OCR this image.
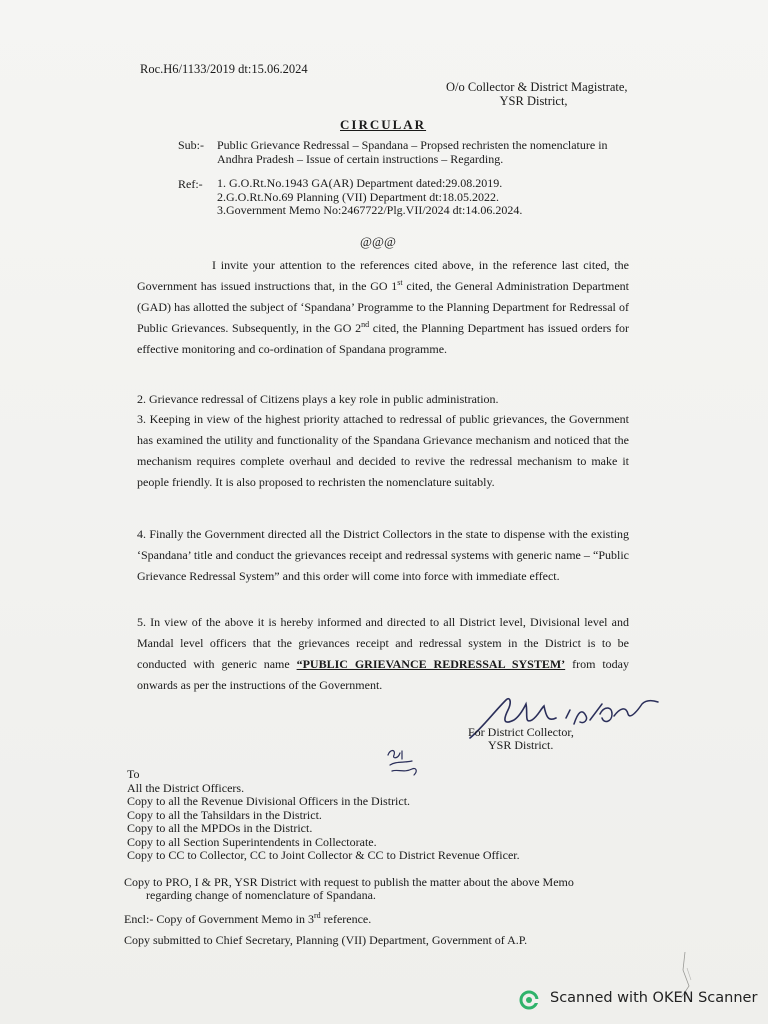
Roc.H6/1133/2019 dt:15.06.2024
O/o Collector & District Magistrate,
YSR District,
CIRCULAR
Sub:- Public Grievance Redressal – Spandana – Propsed rechristen the nomenclature in Andhra Pradesh – Issue of certain instructions – Regarding.
Ref:- 1. G.O.Rt.No.1943 GA(AR) Department dated:29.08.2019.
2.G.O.Rt.No.69 Planning (VII) Department dt:18.05.2022.
3.Government Memo No:2467722/Plg.VII/2024 dt:14.06.2024.
@@@

I invite your attention to the references cited above, in the reference last cited, the Government has issued instructions that, in the GO 1st cited, the General Administration Department (GAD) has allotted the subject of ‘Spandana’ Programme to the Planning Department for Redressal of Public Grievances. Subsequently, in the GO 2nd cited, the Planning Department has issued orders for effective monitoring and co-ordination of Spandana programme.

2. Grievance redressal of Citizens plays a key role in public administration.

3. Keeping in view of the highest priority attached to redressal of public grievances, the Government has examined the utility and functionality of the Spandana Grievance mechanism and noticed that the mechanism requires complete overhaul and decided to revive the redressal mechanism to make it people friendly. It is also proposed to rechristen the nomenclature suitably.

4. Finally the Government directed all the District Collectors in the state to dispense with the existing ‘Spandana’ title and conduct the grievances receipt and redressal systems with generic name – “Public Grievance Redressal System” and this order will come into force with immediate effect.

5. In view of the above it is hereby informed and directed to all District level, Divisional level and Mandal level officers that the grievances receipt and redressal system in the District is to be conducted with generic name “PUBLIC GRIEVANCE REDRESSAL SYSTEM’ from today onwards as per the instructions of the Government.

For District Collector,
YSR District.
To
All the District Officers.
Copy to all the Revenue Divisional Officers in the District.
Copy to all the Tahsildars in the District.
Copy to all the MPDOs in the District.
Copy to all Section Superintendents in Collectorate.
Copy to CC to Collector, CC to Joint Collector & CC to District Revenue Officer.
Copy to PRO, I & PR, YSR District with request to publish the matter about the above Memo
regarding change of nomenclature of Spandana.
Encl:- Copy of Government Memo in 3rd reference.
Copy submitted to Chief Secretary, Planning (VII) Department, Government of A.P.
Scanned with OKEN Scanner
